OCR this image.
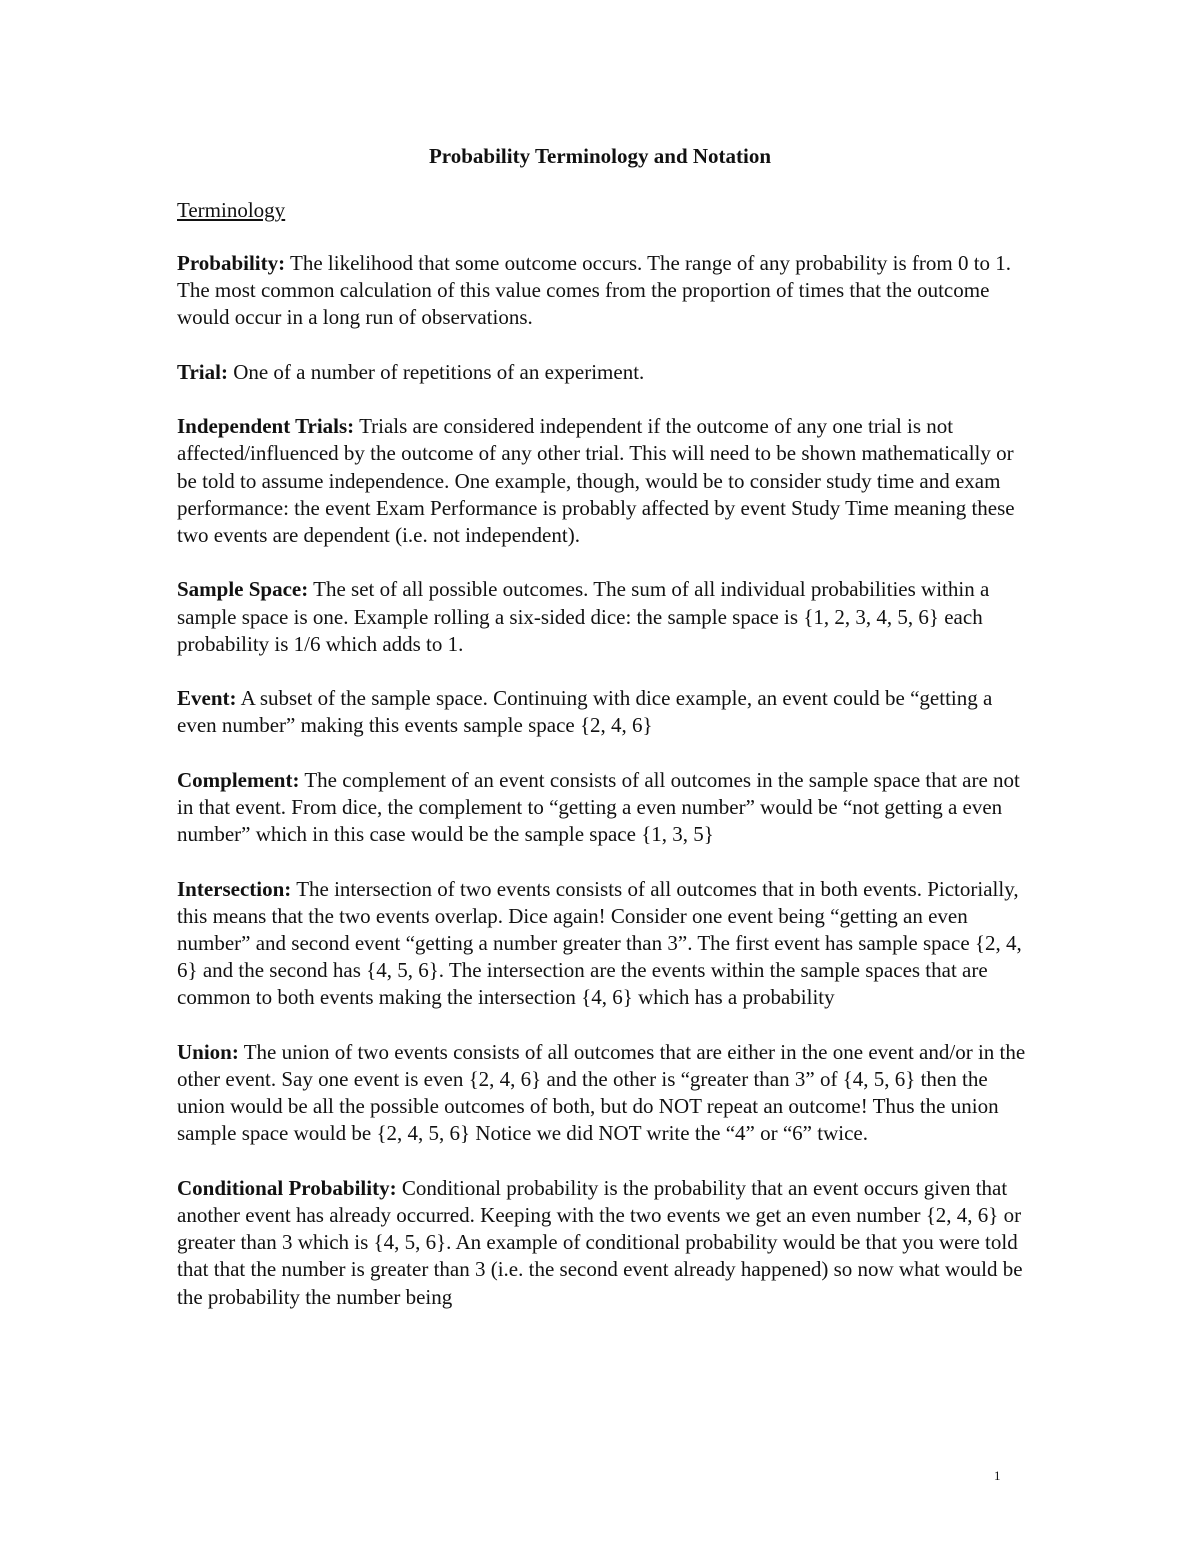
Probability Terminology and Notation
Terminology
Probability: The likelihood that some outcome occurs. The range of any probability is from 0 to 1. The most common calculation of this value comes from the proportion of times that the outcome would occur in a long run of observations.
Trial: One of a number of repetitions of an experiment.
Independent Trials: Trials are considered independent if the outcome of any one trial is not affected/influenced by the outcome of any other trial. This will need to be shown mathematically or be told to assume independence. One example, though, would be to consider study time and exam performance: the event Exam Performance is probably affected by event Study Time meaning these two events are dependent (i.e. not independent).
Sample Space: The set of all possible outcomes. The sum of all individual probabilities within a sample space is one. Example rolling a six-sided dice: the sample space is {1, 2, 3, 4, 5, 6} each probability is 1/6 which adds to 1.
Event: A subset of the sample space. Continuing with dice example, an event could be “getting a even number” making this events sample space {2, 4, 6}
Complement: The complement of an event consists of all outcomes in the sample space that are not in that event. From dice, the complement to “getting a even number” would be “not getting a even number” which in this case would be the sample space {1, 3, 5}
Intersection: The intersection of two events consists of all outcomes that in both events. Pictorially, this means that the two events overlap. Dice again! Consider one event being “getting an even number” and second event “getting a number greater than 3”. The first event has sample space {2, 4, 6} and the second has {4, 5, 6}. The intersection are the events within the sample spaces that are common to both events making the intersection {4, 6} which has a probability
Union: The union of two events consists of all outcomes that are either in the one event and/or in the other event. Say one event is even {2, 4, 6} and the other is “greater than 3” of {4, 5, 6} then the union would be all the possible outcomes of both, but do NOT repeat an outcome! Thus the union sample space would be {2, 4, 5, 6} Notice we did NOT write the “4” or “6” twice.
Conditional Probability: Conditional probability is the probability that an event occurs given that another event has already occurred. Keeping with the two events we get an even number {2, 4, 6} or greater than 3 which is {4, 5, 6}. An example of conditional probability would be that you were told that that the number is greater than 3 (i.e. the second event already happened) so now what would be the probability the number being
1
